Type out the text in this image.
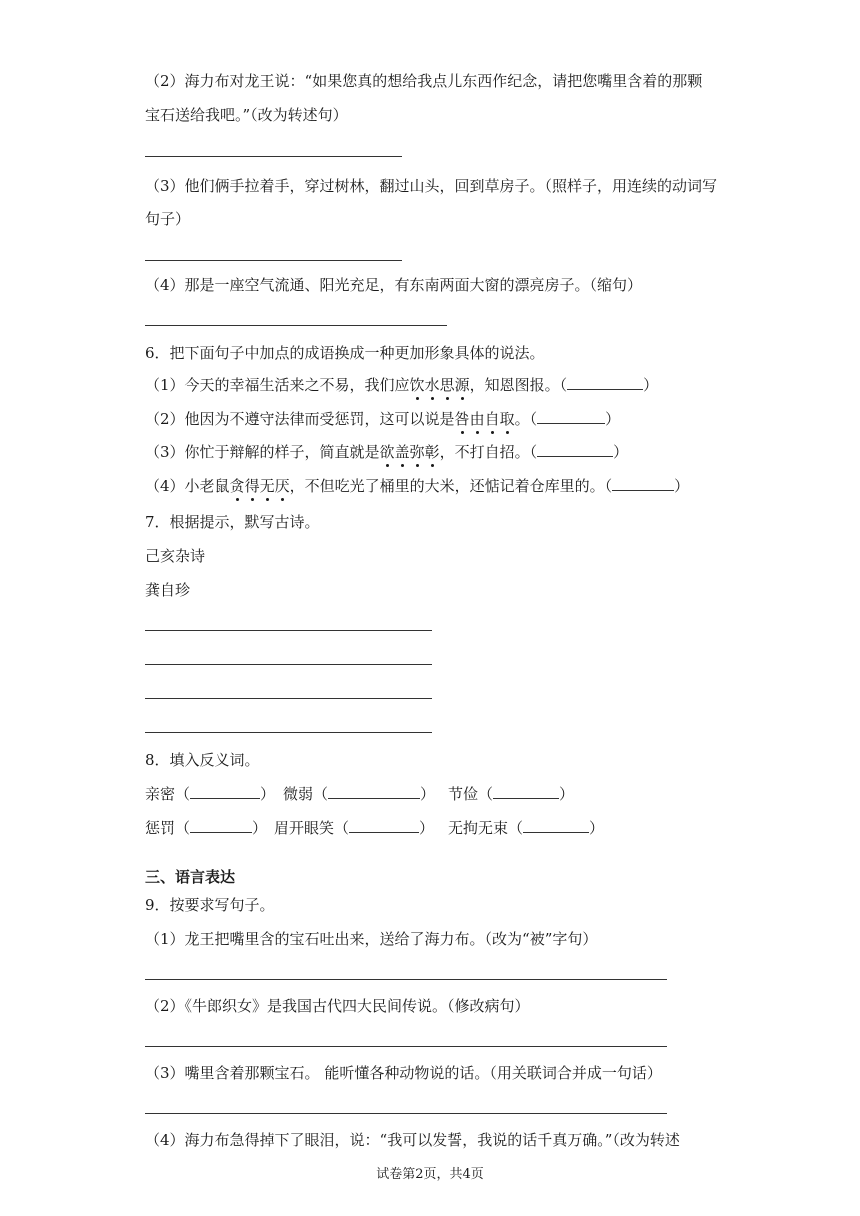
（2）海力布对龙王说：“如果您真的想给我点儿东西作纪念，请把您嘴里含着的那颗
宝石送给我吧。”（改为转述句）
（3）他们俩手拉着手，穿过树林，翻过山头，回到草房子。（照样子，用连续的动词写
句子）
（4）那是一座空气流通、阳光充足，有东南两面大窗的漂亮房子。（缩句）
6．把下面句子中加点的成语换成一种更加形象具体的说法。
（1）今天的幸福生活来之不易，我们应饮水思源，知恩图报。（	）
（2）他因为不遵守法律而受惩罚，这可以说是咎由自取。（	）
（3）你忙于辩解的样子，简直就是欲盖弥彰，不打自招。（	）
（4）小老鼠贪得无厌，不但吃光了桶里的大米，还惦记着仓库里的。（	）
7．根据提示，默写古诗。
己亥杂诗
龚自珍
8．填入反义词。
亲密（	） 微弱（	） 节俭（	）
惩罚（	） 眉开眼笑（	） 无拘无束（	）
三、语言表达
9．按要求写句子。
（1）龙王把嘴里含的宝石吐出来，送给了海力布。（改为“被”字句）
（2）《牛郎织女》是我国古代四大民间传说。（修改病句）
（3）嘴里含着那颗宝石。 能听懂各种动物说的话。（用关联词合并成一句话）
（4）海力布急得掉下了眼泪，说：“我可以发誓，我说的话千真万确。”（改为转述
试卷第2页，共4页
